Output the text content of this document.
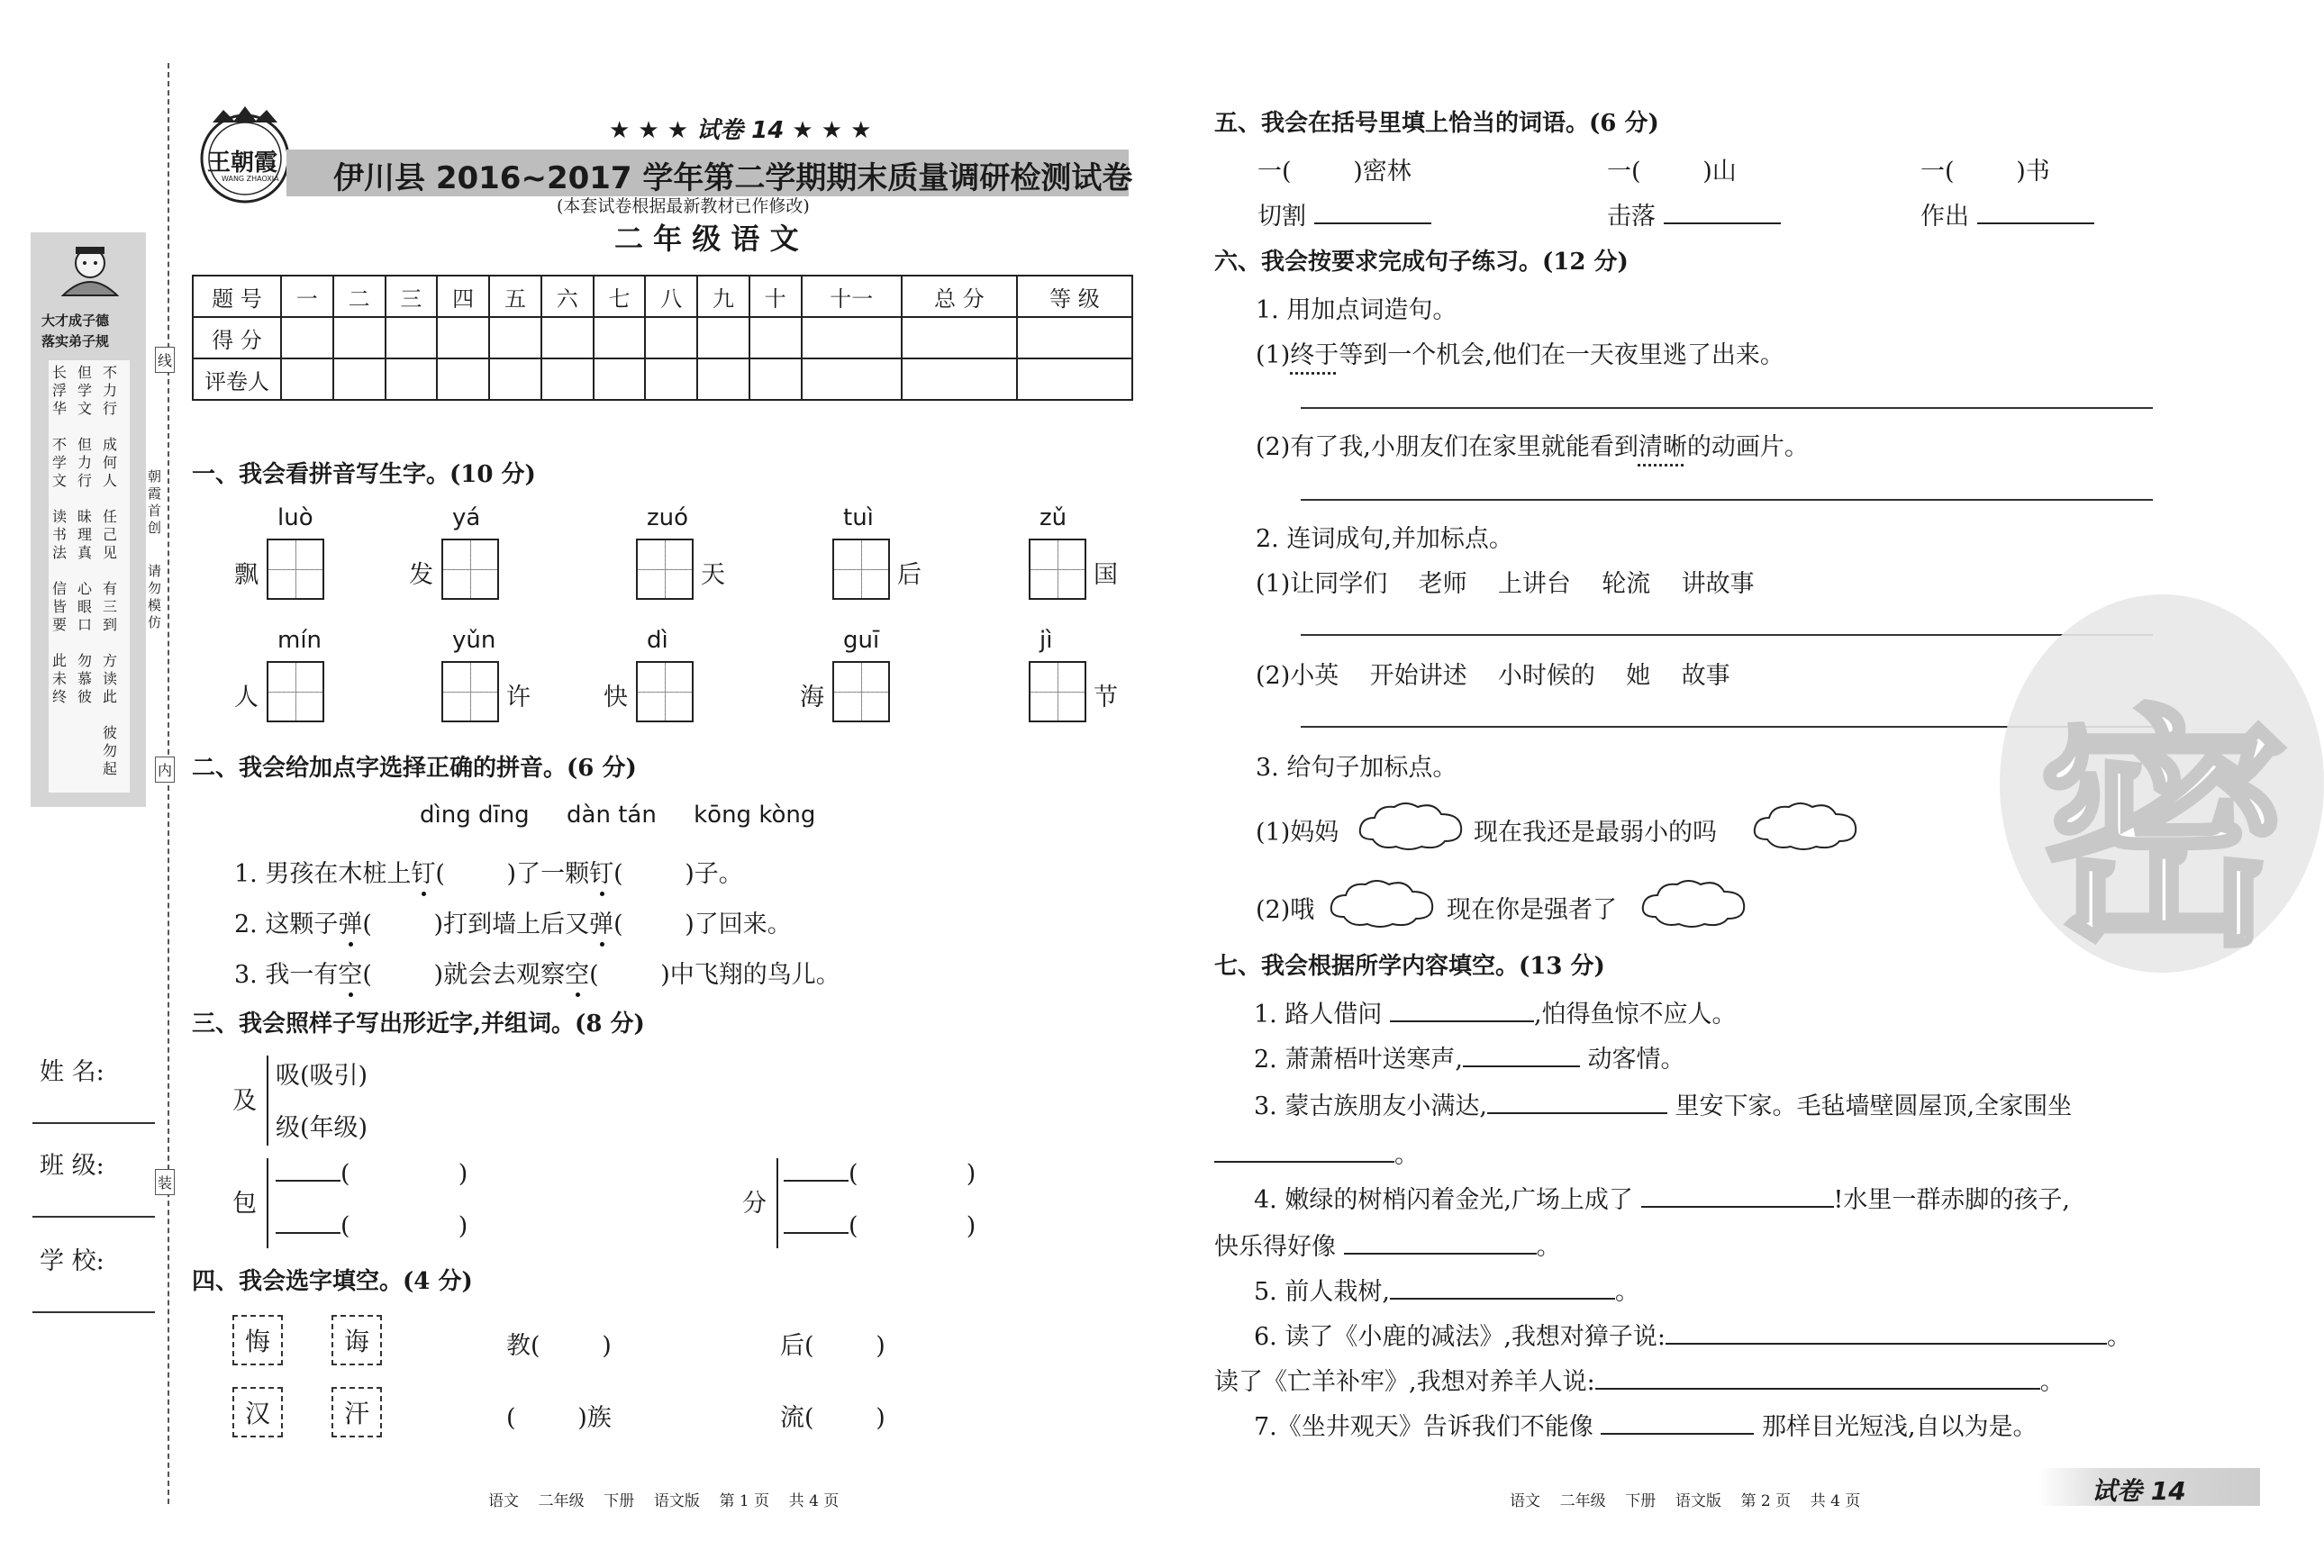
大才成子德
落实弟子规
不力行
但学文
长浮华
成何人
但力行
不学文
任己见
昧理真
读书法
有三到
心眼口
信皆要
方读此
勿慕彼
此未终
彼勿起
姓 名:
班 级:
学 校:
线
内
装
朝霞首创
请勿模仿
王朝霞
WANG ZHAOXIA
★ ★ ★ 试卷 14 ★ ★ ★
伊川县 2016~2017 学年第二学期期末质量调研检测试卷
(本套试卷根据最新教材已作修改)
二 年 级 语 文
题 号	一	二	三	四	五	六	七	八	九	十	十一	总 分	等 级
得 分													
评卷人													
一、我会看拼音写生字。(10 分)
luò
飘
yá
发
zuó
天
tuì
后
zǔ
国
mín
人
yǔn
许
dì
快
guī
海
jì
节
二、我会给加点字选择正确的拼音。(6 分)
dìng dīng     dàn tán     kōng kòng
1. 男孩在木桩上钉(        )了一颗钉(        )子。
2. 这颗子弹(        )打到墙上后又弹(        )了回来。
3. 我一有空(        )就会去观察空(        )中飞翔的鸟儿。
三、我会照样子写出形近字,并组词。(8 分)
及
吸(吸引)
级(年级)
包
(              )
(              )
分
(              )
(              )
四、我会选字填空。(4 分)
悔	诲
汉	汗
教(        )	后(        )
(        )族	流(        )
语文    二年级    下册    语文版    第 1 页    共 4 页
五、我会在括号里填上恰当的词语。(6 分)
一(        )密林	一(        )山	一(        )书
切割	击落	作出
六、我会按要求完成句子练习。(12 分)
1. 用加点词造句。
(1)终于等到一个机会,他们在一天夜里逃了出来。
(2)有了我,小朋友们在家里就能看到清晰的动画片。
2. 连词成句,并加标点。
(1)让同学们    老师    上讲台    轮流    讲故事
(2)小英    开始讲述    小时候的    她    故事
3. 给句子加标点。
(1)妈妈	现在我还是最弱小的吗
(2)哦	现在你是强者了
七、我会根据所学内容填空。(13 分)
1. 路人借问	,怕得鱼惊不应人。
2. 萧萧梧叶送寒声,	动客情。
3. 蒙古族朋友小满达,	里安下家。毛毡墙壁圆屋顶,全家围坐
。
4. 嫩绿的树梢闪着金光,广场上成了	!水里一群赤脚的孩子,
快乐得好像	。
5. 前人栽树,	。
6. 读了《小鹿的减法》,我想对獐子说:	。
读了《亡羊补牢》,我想对养羊人说:	。
7.《坐井观天》告诉我们不能像	那样目光短浅,自以为是。
密
语文    二年级    下册    语文版    第 2 页    共 4 页	试卷 14
